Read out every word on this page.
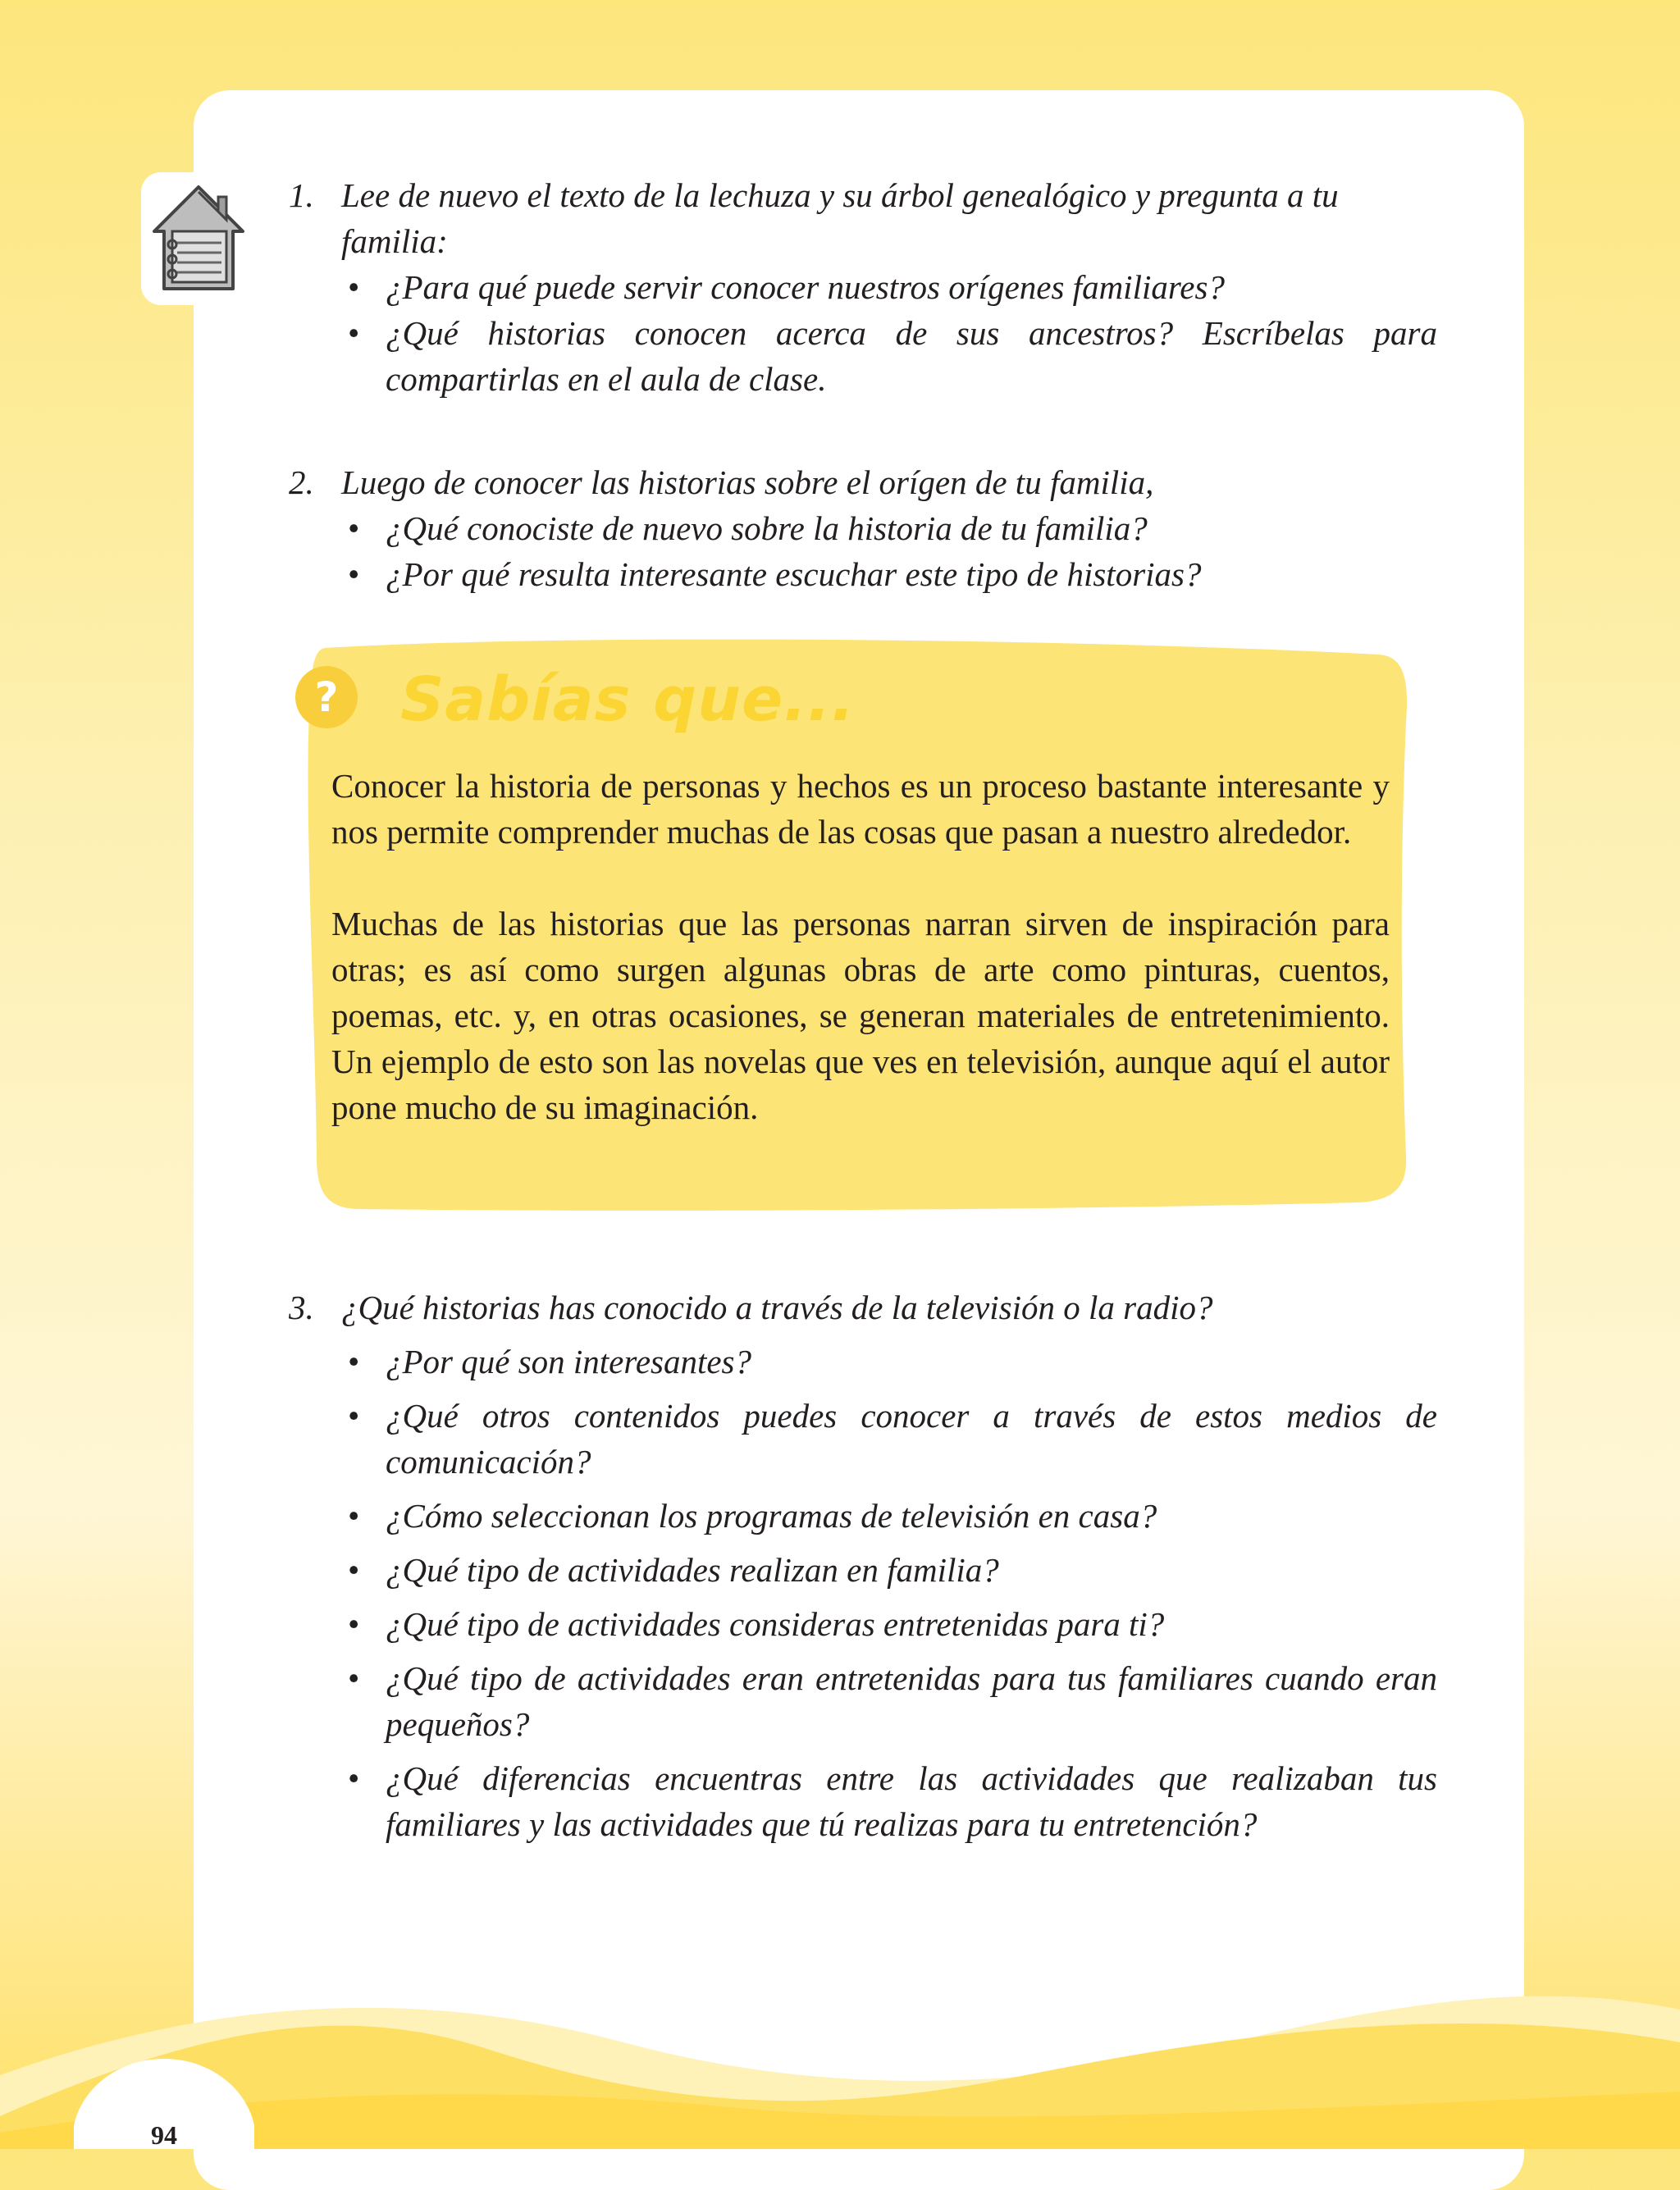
1. Lee de nuevo el texto de la lechuza y su árbol genealógico y pregunta a tu familia:
• ¿Para qué puede servir conocer nuestros orígenes familiares?
• ¿Qué historias conocen acerca de sus ancestros? Escríbelas para compartirlas en el aula de clase.
2. Luego de conocer las historias sobre el orígen de tu familia,
• ¿Qué conociste de nuevo sobre la historia de tu familia?
• ¿Por qué resulta interesante escuchar este tipo de historias?
?	Sabías que...

Conocer la historia de personas y hechos es un proceso bastante interesante y nos permite comprender muchas de las cosas que pasan a nuestro alrededor.

Muchas de las historias que las personas narran sirven de inspiración para otras; es así como surgen algunas obras de arte como pinturas, cuentos, poemas, etc. y, en otras ocasiones, se generan materiales de entretenimiento. Un ejemplo de esto son las novelas que ves en televisión, aunque aquí el autor pone mucho de su imaginación.

3. ¿Qué historias has conocido a través de la televisión o la radio?
• ¿Por qué son interesantes?
• ¿Qué otros contenidos puedes conocer a través de estos medios de comunicación?
• ¿Cómo seleccionan los programas de televisión en casa?
• ¿Qué tipo de actividades realizan en familia?
• ¿Qué tipo de actividades consideras entretenidas para ti?
• ¿Qué tipo de actividades eran entretenidas para tus familiares cuando eran pequeños?
• ¿Qué diferencias encuentras entre las actividades que realizaban tus familiares y las actividades que tú realizas para tu entretención?
94
